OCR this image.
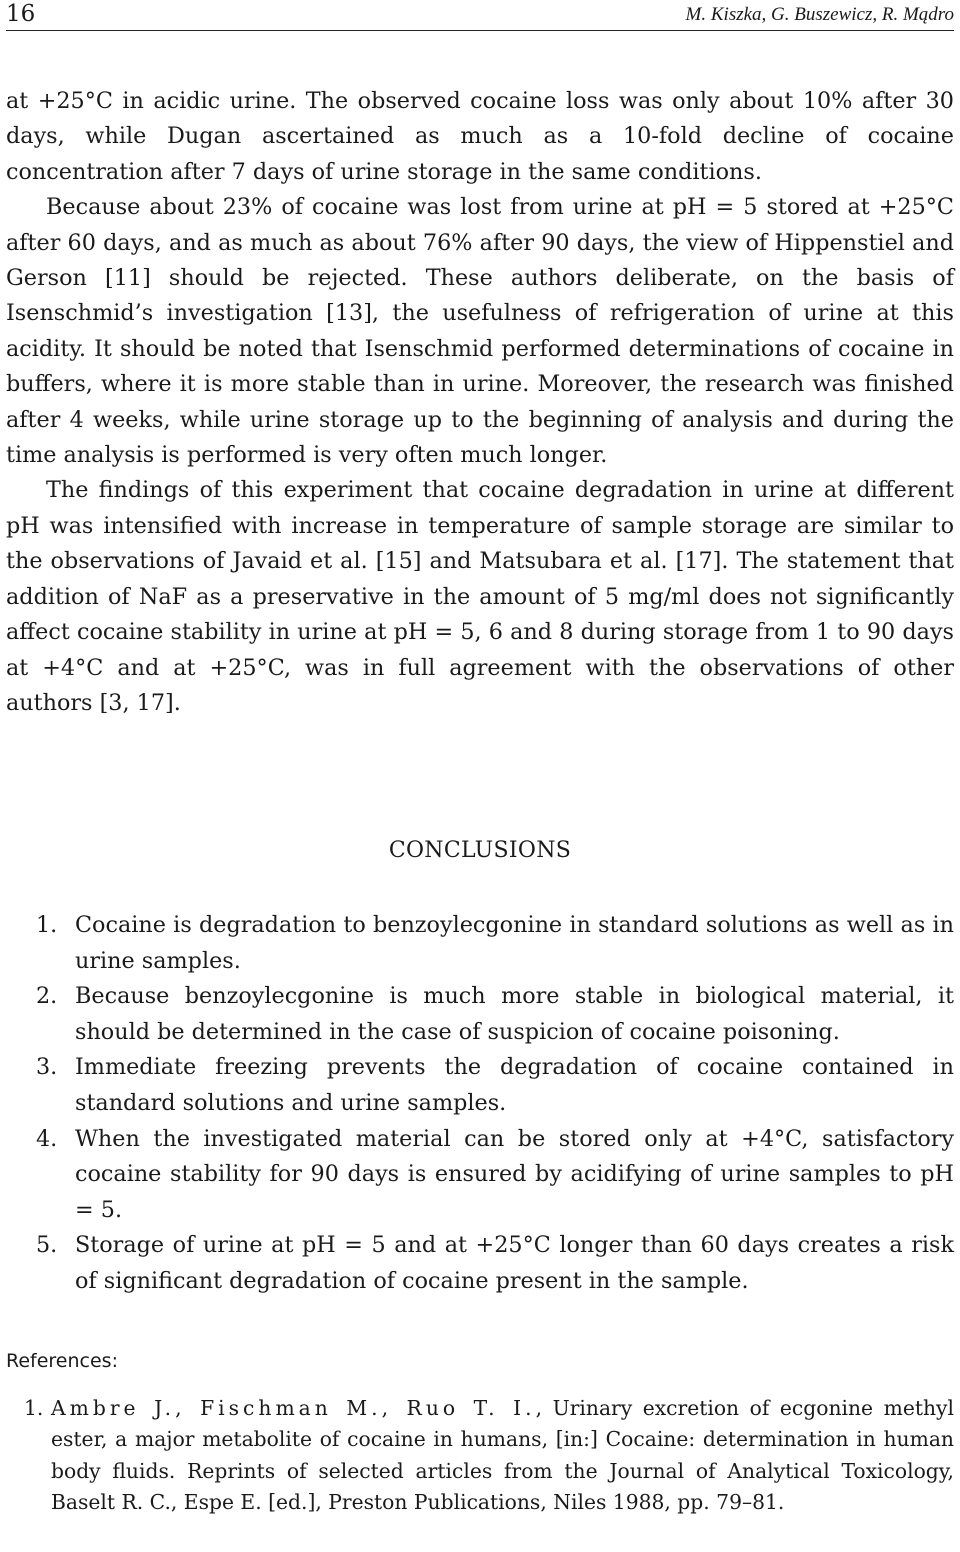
16	M. Kiszka, G. Buszewicz, R. Mądro

at +25°C in acidic urine. The observed cocaine loss was only about 10% after 30 days, while Dugan ascertained as much as a 10-fold decline of cocaine concentration after 7 days of urine storage in the same conditions.

Because about 23% of cocaine was lost from urine at pH = 5 stored at +25°C after 60 days, and as much as about 76% after 90 days, the view of Hippenstiel and Gerson [11] should be rejected. These authors deliberate, on the basis of Isenschmid’s investigation [13], the usefulness of refrigeration of urine at this acidity. It should be noted that Isenschmid performed determinations of cocaine in buffers, where it is more stable than in urine. Moreover, the research was finished after 4 weeks, while urine storage up to the beginning of analysis and during the time analysis is performed is very often much longer.

The findings of this experiment that cocaine degradation in urine at different pH was intensified with increase in temperature of sample storage are similar to the observations of Javaid et al. [15] and Matsubara et al. [17]. The statement that addition of NaF as a preservative in the amount of 5 mg/ml does not significantly affect cocaine stability in urine at pH = 5, 6 and 8 during storage from 1 to 90 days at +4°C and at +25°C, was in full agreement with the observations of other authors [3, 17].

CONCLUSIONS
1. Cocaine is degradation to benzoylecgonine in standard solutions as well as in urine samples.
2. Because benzoylecgonine is much more stable in biological material, it should be determined in the case of suspicion of cocaine poisoning.
3. Immediate freezing prevents the degradation of cocaine contained in standard solutions and urine samples.
4. When the investigated material can be stored only at +4°C, satisfactory cocaine stability for 90 days is ensured by acidifying of urine samples to pH = 5.
5. Storage of urine at pH = 5 and at +25°C longer than 60 days creates a risk of significant degradation of cocaine present in the sample.
References:
1. Ambre J., Fischman M., Ruo T. I., Urinary excretion of ecgonine methyl ester, a major metabolite of cocaine in humans, [in:] Cocaine: determination in human body fluids. Reprints of selected articles from the Journal of Analytical Toxicology, Baselt R. C., Espe E. [ed.], Preston Publications, Niles 1988, pp. 79–81.
